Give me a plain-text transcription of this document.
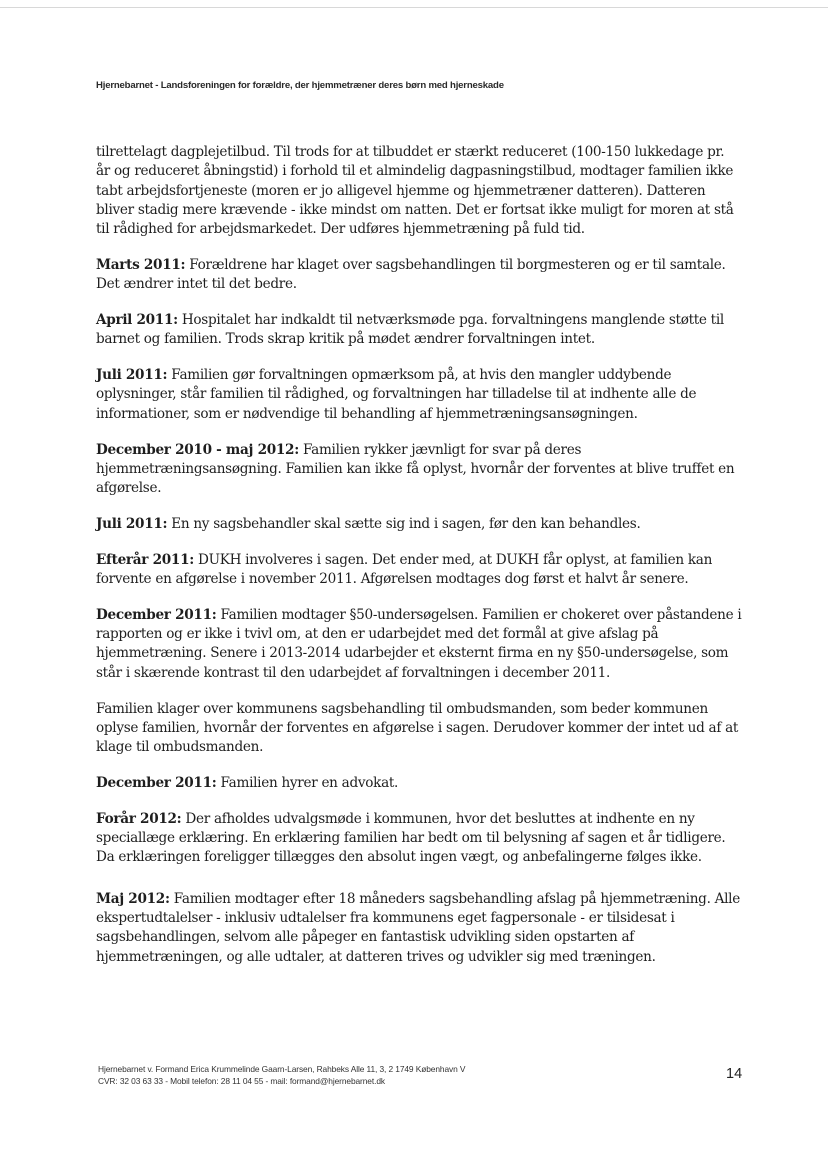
Hjernebarnet - Landsforeningen for forældre, der hjemmetræner deres børn med hjerneskade

tilrettelagt dagplejetilbud. Til trods for at tilbuddet er stærkt reduceret (100-150 lukkedage pr. år og reduceret åbningstid) i forhold til et almindelig dagpasningstilbud, modtager familien ikke tabt arbejdsfortjeneste (moren er jo alligevel hjemme og hjemmetræner datteren). Datteren bliver stadig mere krævende - ikke mindst om natten. Det er fortsat ikke muligt for moren at stå til rådighed for arbejdsmarkedet. Der udføres hjemmetræning på fuld tid.

Marts 2011: Forældrene har klaget over sagsbehandlingen til borgmesteren og er til samtale. Det ændrer intet til det bedre.

April 2011: Hospitalet har indkaldt til netværksmøde pga. forvaltningens manglende støtte til barnet og familien. Trods skrap kritik på mødet ændrer forvaltningen intet.

Juli 2011: Familien gør forvaltningen opmærksom på, at hvis den mangler uddybende oplysninger, står familien til rådighed, og forvaltningen har tilladelse til at indhente alle de informationer, som er nødvendige til behandling af hjemmetræningsansøgningen.

December 2010 - maj 2012: Familien rykker jævnligt for svar på deres hjemmetræningsansøgning. Familien kan ikke få oplyst, hvornår der forventes at blive truffet en afgørelse.

Juli 2011: En ny sagsbehandler skal sætte sig ind i sagen, før den kan behandles.

Efterår 2011: DUKH involveres i sagen. Det ender med, at DUKH får oplyst, at familien kan forvente en afgørelse i november 2011. Afgørelsen modtages dog først et halvt år senere.

December 2011: Familien modtager §50-undersøgelsen. Familien er chokeret over påstandene i rapporten og er ikke i tvivl om, at den er udarbejdet med det formål at give afslag på hjemmetræning. Senere i 2013-2014 udarbejder et eksternt firma en ny §50-undersøgelse, som står i skærende kontrast til den udarbejdet af forvaltningen i december 2011.

Familien klager over kommunens sagsbehandling til ombudsmanden, som beder kommunen oplyse familien, hvornår der forventes en afgørelse i sagen. Derudover kommer der intet ud af at klage til ombudsmanden.

December 2011: Familien hyrer en advokat.

Forår 2012: Der afholdes udvalgsmøde i kommunen, hvor det besluttes at indhente en ny speciallæge erklæring. En erklæring familien har bedt om til belysning af sagen et år tidligere. Da erklæringen foreligger tillægges den absolut ingen vægt, og anbefalingerne følges ikke.

Maj 2012: Familien modtager efter 18 måneders sagsbehandling afslag på hjemmetræning. Alle ekspertudtalelser - inklusiv udtalelser fra kommunens eget fagpersonale - er tilsidesat i sagsbehandlingen, selvom alle påpeger en fantastisk udvikling siden opstarten af hjemmetræningen, og alle udtaler, at datteren trives og udvikler sig med træningen.

Hjernebarnet v. Formand Erica Krummelinde Gaarn-Larsen, Rahbeks Alle 11, 3, 2 1749 København V
CVR: 32 03 63 33 - Mobil telefon: 28 11 04 55 - mail: formand@hjernebarnet.dk	14
